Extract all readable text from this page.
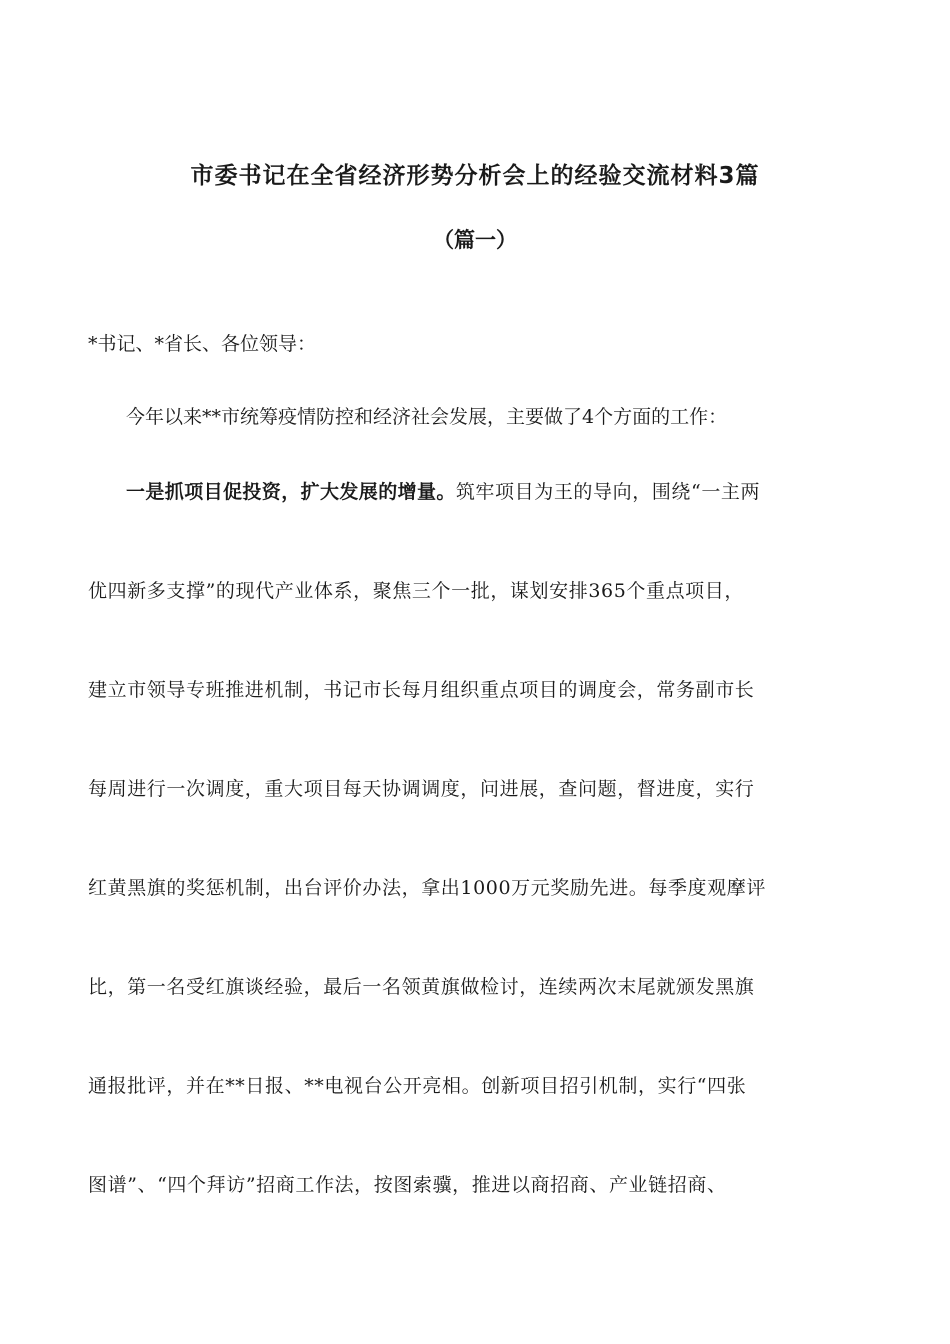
市委书记在全省经济形势分析会上的经验交流材料3篇
（篇一）
*书记、*省长、各位领导：
今年以来**市统筹疫情防控和经济社会发展，主要做了4个方面的工作：
一是抓项目促投资，扩大发展的增量。筑牢项目为王的导向，围绕“一主两
优四新多支撑”的现代产业体系，聚焦三个一批，谋划安排365个重点项目，
建立市领导专班推进机制，书记市长每月组织重点项目的调度会，常务副市长
每周进行一次调度，重大项目每天协调调度，问进展，查问题，督进度，实行
红黄黑旗的奖惩机制，出台评价办法，拿出1000万元奖励先进。每季度观摩评
比，第一名受红旗谈经验，最后一名领黄旗做检讨，连续两次末尾就颁发黑旗
通报批评，并在**日报、**电视台公开亮相。创新项目招引机制，实行“四张
图谱”、“四个拜访”招商工作法，按图索骥，推进以商招商、产业链招商、
